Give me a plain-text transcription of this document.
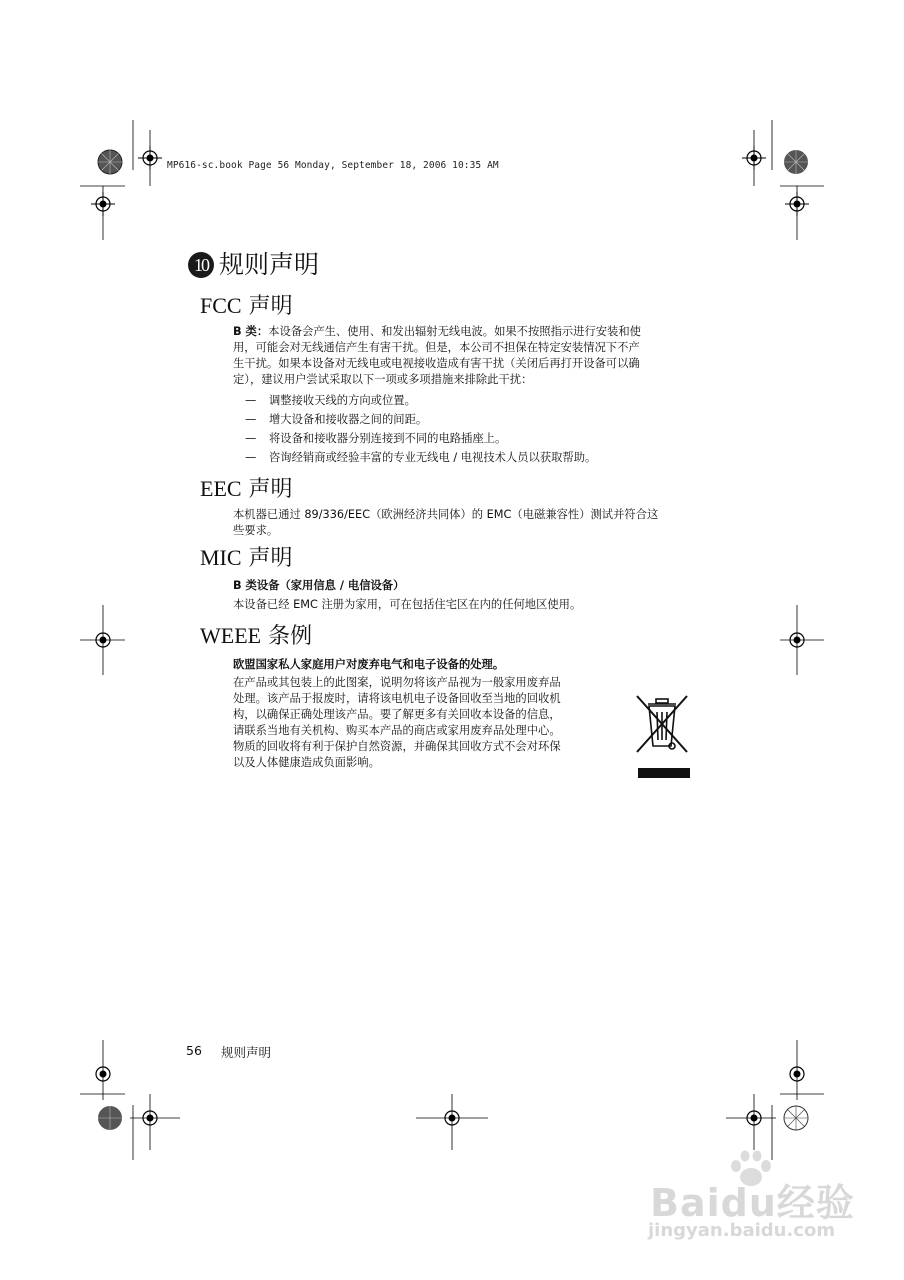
MP616-sc.book Page 56 Monday, September 18, 2006 10:35 AM
10 规则声明
FCC 声明
B 类：本设备会产生、使用、和发出辐射无线电波。如果不按照指示进行安装和使
用，可能会对无线通信产生有害干扰。但是，本公司不担保在特定安装情况下不产
生干扰。如果本设备对无线电或电视接收造成有害干扰（关闭后再打开设备可以确
定），建议用户尝试采取以下一项或多项措施来排除此干扰：
— 调整接收天线的方向或位置。
— 增大设备和接收器之间的间距。
— 将设备和接收器分别连接到不同的电路插座上。
— 咨询经销商或经验丰富的专业无线电 / 电视技术人员以获取帮助。
EEC 声明
本机器已通过 89/336/EEC（欧洲经济共同体）的 EMC（电磁兼容性）测试并符合这
些要求。
MIC 声明
B 类设备（家用信息 / 电信设备）
本设备已经 EMC 注册为家用，可在包括住宅区在内的任何地区使用。
WEEE 条例
欧盟国家私人家庭用户对废弃电气和电子设备的处理。
在产品或其包装上的此图案，说明勿将该产品视为一般家用废弃品
处理。该产品于报废时，请将该电机电子设备回收至当地的回收机
构，以确保正确处理该产品。要了解更多有关回收本设备的信息，
请联系当地有关机构、购买本产品的商店或家用废弃品处理中心。
物质的回收将有利于保护自然资源，并确保其回收方式不会对环保
以及人体健康造成负面影响。
56 规则声明
Baidu经验
jingyan.baidu.com
